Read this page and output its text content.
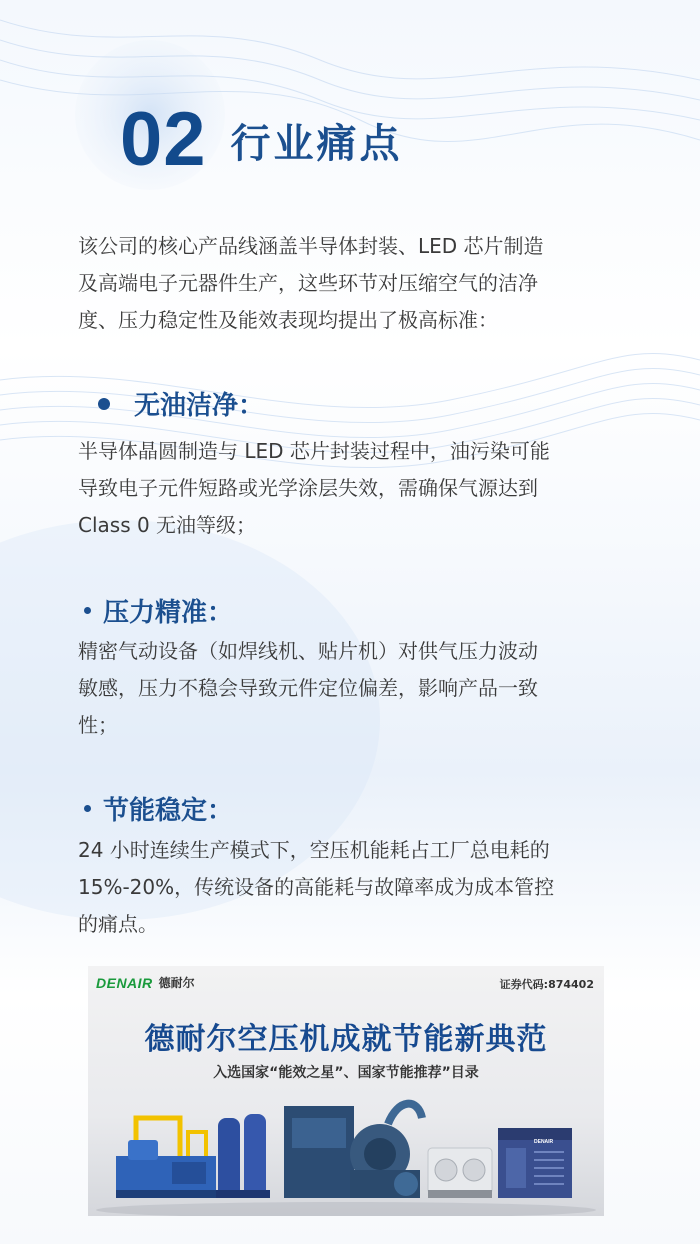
02 行业痛点

该公司的核心产品线涵盖半导体封装、LED 芯片制造
及高端电子元器件生产，这些环节对压缩空气的洁净
度、压力稳定性及能效表现均提出了极高标准：

无油洁净：

半导体晶圆制造与 LED 芯片封装过程中，油污染可能
导致电子元件短路或光学涂层失效，需确保气源达到
Class 0 无油等级；

压力精准：

精密气动设备（如焊线机、贴片机）对供气压力波动
敏感，压力不稳会导致元件定位偏差，影响产品一致
性；

节能稳定：

24 小时连续生产模式下，空压机能耗占工厂总电耗的
15%-20%，传统设备的高能耗与故障率成为成本管控
的痛点。

DENAIR 德耐尔	证券代码:874402
德耐尔空压机成就节能新典范
入选国家“能效之星”、国家节能推荐”目录
DENAIR
